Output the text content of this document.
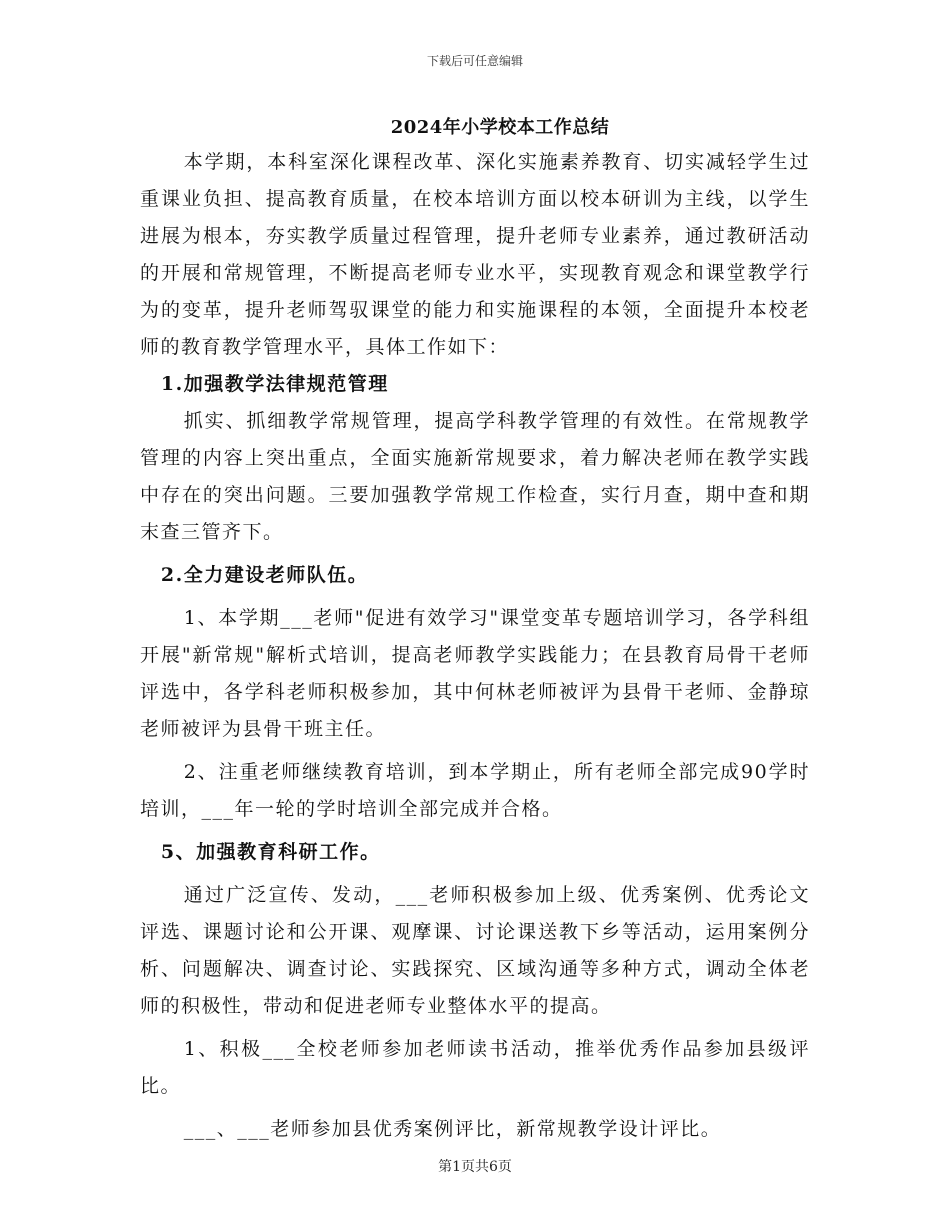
下载后可任意编辑
2024年小学校本工作总结

本学期，本科室深化课程改革、深化实施素养教育、切实减轻学生过重课业负担、提高教育质量，在校本培训方面以校本研训为主线，以学生进展为根本，夯实教学质量过程管理，提升老师专业素养，通过教研活动的开展和常规管理，不断提高老师专业水平，实现教育观念和课堂教学行为的变革，提升老师驾驭课堂的能力和实施课程的本领，全面提升本校老师的教育教学管理水平，具体工作如下：

1.加强教学法律规范管理

抓实、抓细教学常规管理，提高学科教学管理的有效性。在常规教学管理的内容上突出重点，全面实施新常规要求，着力解决老师在教学实践中存在的突出问题。三要加强教学常规工作检查，实行月查，期中查和期末查三管齐下。

2.全力建设老师队伍。

1、本学期___老师"促进有效学习"课堂变革专题培训学习，各学科组开展"新常规"解析式培训，提高老师教学实践能力；在县教育局骨干老师评选中，各学科老师积极参加，其中何林老师被评为县骨干老师、金静琼老师被评为县骨干班主任。

2、注重老师继续教育培训，到本学期止，所有老师全部完成90学时培训，___年一轮的学时培训全部完成并合格。

5、加强教育科研工作。

通过广泛宣传、发动，___老师积极参加上级、优秀案例、优秀论文评选、课题讨论和公开课、观摩课、讨论课送教下乡等活动，运用案例分析、问题解决、调查讨论、实践探究、区域沟通等多种方式，调动全体老师的积极性，带动和促进老师专业整体水平的提高。

1、积极___全校老师参加老师读书活动，推举优秀作品参加县级评比。

___、___老师参加县优秀案例评比，新常规教学设计评比。

第1页共6页
